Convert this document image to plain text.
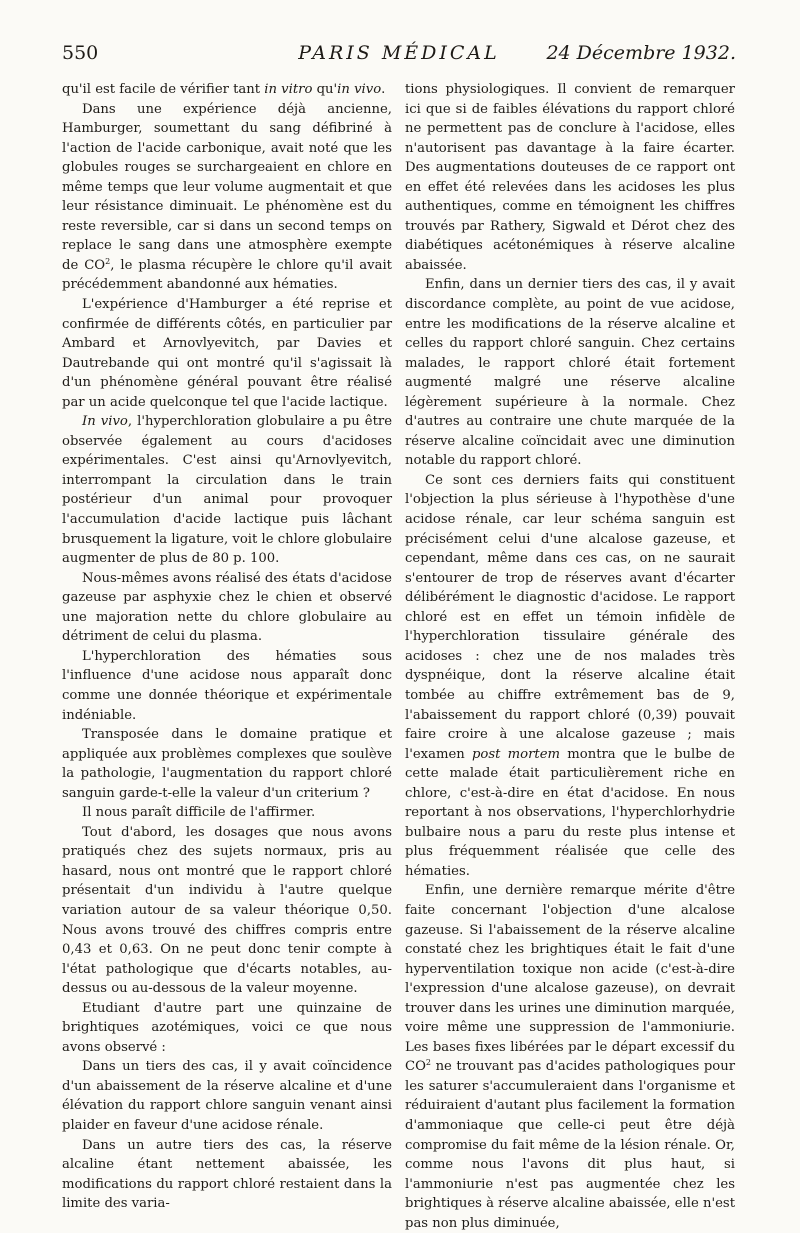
550	PARIS MÉDICAL	24 Décembre 1932.

qu'il est facile de vérifier tant in vitro qu'in vivo.

Dans une expérience déjà ancienne, Hamburger, soumettant du sang défibriné à l'action de l'acide carbonique, avait noté que les globules rouges se surchargeaient en chlore en même temps que leur volume augmentait et que leur résistance diminuait. Le phénomène est du reste reversible, car si dans un second temps on replace le sang dans une atmosphère exempte de $CO^2$, le plasma récupère le chlore qu'il avait précédemment abandonné aux hématies.

L'expérience d'Hamburger a été reprise et confirmée de différents côtés, en particulier par Ambard et Arnovlyevitch, par Davies et Dautrebande qui ont montré qu'il s'agissait là d'un phénomène général pouvant être réalisé par un acide quelconque tel que l'acide lactique.

In vivo, l'hyperchloration globulaire a pu être observée également au cours d'acidoses expérimentales. C'est ainsi qu'Arnovlyevitch, interrompant la circulation dans le train postérieur d'un animal pour provoquer l'accumulation d'acide lactique puis lâchant brusquement la ligature, voit le chlore globulaire augmenter de plus de 80 p. 100.

Nous-mêmes avons réalisé des états d'acidose gazeuse par asphyxie chez le chien et observé une majoration nette du chlore globulaire au détriment de celui du plasma.

L'hyperchloration des hématies sous l'influence d'une acidose nous apparaît donc comme une donnée théorique et expérimentale indéniable.

Transposée dans le domaine pratique et appliquée aux problèmes complexes que soulève la pathologie, l'augmentation du rapport chloré sanguin garde-t-elle la valeur d'un criterium ?

Il nous paraît difficile de l'affirmer.

Tout d'abord, les dosages que nous avons pratiqués chez des sujets normaux, pris au hasard, nous ont montré que le rapport chloré présentait d'un individu à l'autre quelque variation autour de sa valeur théorique 0,50. Nous avons trouvé des chiffres compris entre 0,43 et 0,63. On ne peut donc tenir compte à l'état pathologique que d'écarts notables, au-dessus ou au-dessous de la valeur moyenne.

Etudiant d'autre part une quinzaine de brightiques azotémiques, voici ce que nous avons observé :

Dans un tiers des cas, il y avait coïncidence d'un abaissement de la réserve alcaline et d'une élévation du rapport chlore sanguin venant ainsi plaider en faveur d'une acidose rénale.

Dans un autre tiers des cas, la réserve alcaline étant nettement abaissée, les modifications du rapport chloré restaient dans la limite des varia-

tions physiologiques. Il convient de remarquer ici que si de faibles élévations du rapport chloré ne permettent pas de conclure à l'acidose, elles n'autorisent pas davantage à la faire écarter. Des augmentations douteuses de ce rapport ont en effet été relevées dans les acidoses les plus authentiques, comme en témoignent les chiffres trouvés par Rathery, Sigwald et Dérot chez des diabétiques acétonémiques à réserve alcaline abaissée.

Enfin, dans un dernier tiers des cas, il y avait discordance complète, au point de vue acidose, entre les modifications de la réserve alcaline et celles du rapport chloré sanguin. Chez certains malades, le rapport chloré était fortement augmenté malgré une réserve alcaline légèrement supérieure à la normale. Chez d'autres au contraire une chute marquée de la réserve alcaline coïncidait avec une diminution notable du rapport chloré.

Ce sont ces derniers faits qui constituent l'objection la plus sérieuse à l'hypothèse d'une acidose rénale, car leur schéma sanguin est précisément celui d'une alcalose gazeuse, et cependant, même dans ces cas, on ne saurait s'entourer de trop de réserves avant d'écarter délibérément le diagnostic d'acidose. Le rapport chloré est en effet un témoin infidèle de l'hyperchloration tissulaire générale des acidoses : chez une de nos malades très dyspnéique, dont la réserve alcaline était tombée au chiffre extrêmement bas de 9, l'abaissement du rapport chloré (0,39) pouvait faire croire à une alcalose gazeuse ; mais l'examen post mortem montra que le bulbe de cette malade était particulièrement riche en chlore, c'est-à-dire en état d'acidose. En nous reportant à nos observations, l'hyperchlorhydrie bulbaire nous a paru du reste plus intense et plus fréquemment réalisée que celle des hématies.

Enfin, une dernière remarque mérite d'être faite concernant l'objection d'une alcalose gazeuse. Si l'abaissement de la réserve alcaline constaté chez les brightiques était le fait d'une hyperventilation toxique non acide (c'est-à-dire l'expression d'une alcalose gazeuse), on devrait trouver dans les urines une diminution marquée, voire même une suppression de l'ammoniurie. Les bases fixes libérées par le départ excessif du $CO^2$ ne trouvant pas d'acides pathologiques pour les saturer s'accumuleraient dans l'organisme et réduiraient d'autant plus facilement la formation d'ammoniaque que celle-ci peut être déjà compromise du fait même de la lésion rénale. Or, comme nous l'avons dit plus haut, si l'ammoniurie n'est pas augmentée chez les brightiques à réserve alcaline abaissée, elle n'est pas non plus diminuée,
